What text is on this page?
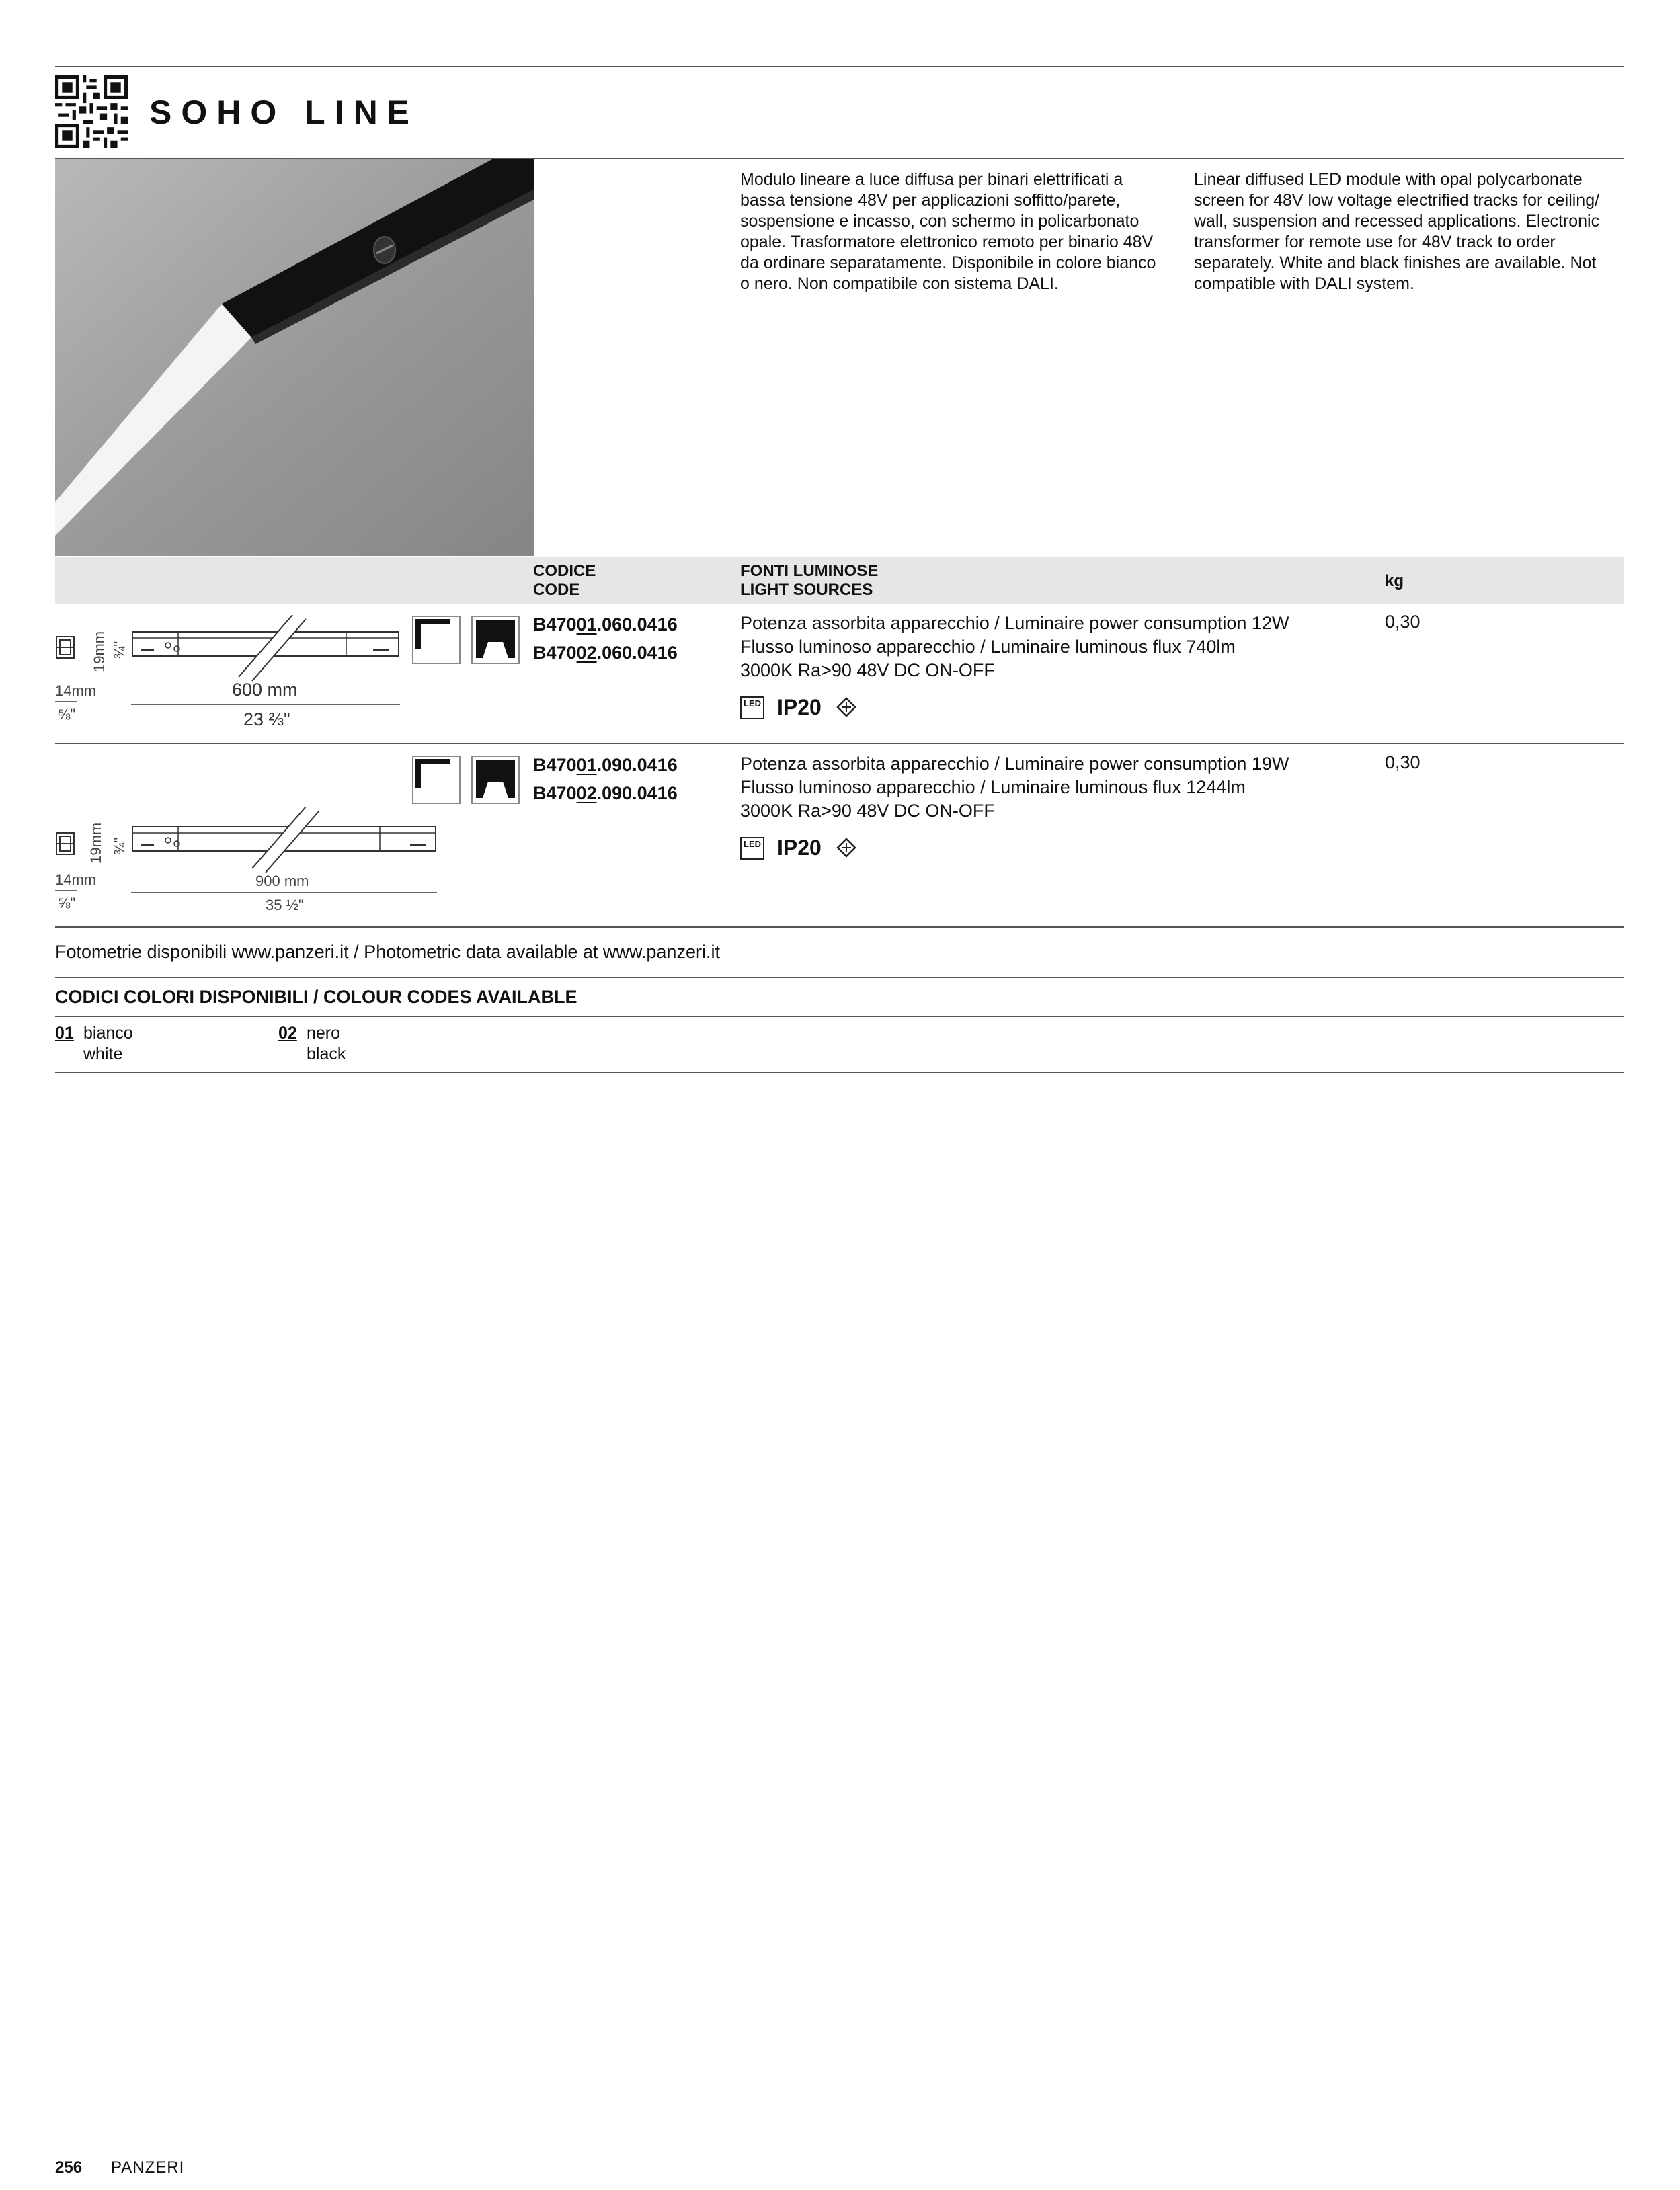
SOHO LINE
Modulo lineare a luce diffusa per binari elettrificati a
bassa tensione 48V per applicazioni soffitto/parete,
sospensione e incasso, con schermo in policarbonato
opale. Trasformatore elettronico remoto per binario 48V
da ordinare separatamente. Disponibile in colore bianco
o nero. Non compatibile con sistema DALI.
Linear diffused LED module with opal polycarbonate
screen for 48V low voltage electrified tracks for ceiling/
wall, suspension and recessed applications. Electronic
transformer for remote use for 48V track to order
separately. White and black finishes are available. Not
compatible with DALI system.
CODICE
CODE
FONTI LUMINOSE
LIGHT SOURCES	kg
19mm ¾"
14mm
⅝"
600 mm
23 ⅔"
B47001.060.0416
B47002.060.0416
Potenza assorbita apparecchio / Luminaire power consumption 12W
Flusso luminoso apparecchio / Luminaire luminous flux 740lm
3000K Ra>90 48V DC ON-OFF
LED IP20
0,30
19mm ¾"
14mm
⅝"
900 mm
35 ½"
B47001.090.0416
B47002.090.0416
Potenza assorbita apparecchio / Luminaire power consumption 19W
Flusso luminoso apparecchio / Luminaire luminous flux 1244lm
3000K Ra>90 48V DC ON-OFF
LED IP20
0,30
Fotometrie disponibili www.panzeri.it / Photometric data available at www.panzeri.it
CODICI COLORI DISPONIBILI / COLOUR CODES AVAILABLE
01 bianco
white
02 nero
black
256 PANZERI
